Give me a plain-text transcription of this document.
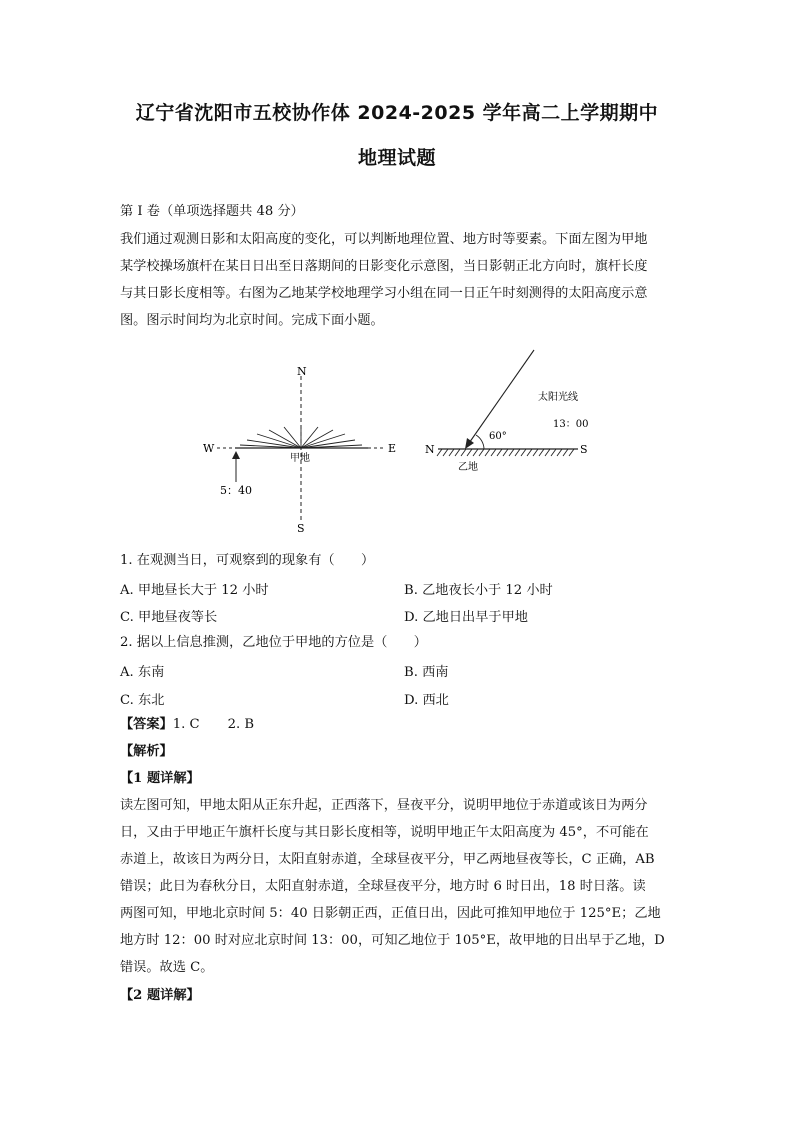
辽宁省沈阳市五校协作体 2024-2025 学年高二上学期期中
地理试题
第 I 卷（单项选择题共 48 分）
我们通过观测日影和太阳高度的变化，可以判断地理位置、地方时等要素。下面左图为甲地
某学校操场旗杆在某日日出至日落期间的日影变化示意图，当日影朝正北方向时，旗杆长度
与其日影长度相等。右图为乙地某学校地理学习小组在同一日正午时刻测得的太阳高度示意
图。图示时间均为北京时间。完成下面小题。
N
S
W	E
甲地
5：40
太阳光线
13：00
60°
N	S
乙地
1. 在观测当日，可观察到的现象有（　　）
A. 甲地昼长大于 12 小时	B. 乙地夜长小于 12 小时
C. 甲地昼夜等长	D. 乙地日出早于甲地
2. 据以上信息推测，乙地位于甲地的方位是（　　）
A. 东南	B. 西南
C. 东北	D. 西北
【答案】1. C 2. B
【解析】
【1 题详解】
读左图可知，甲地太阳从正东升起，正西落下，昼夜平分，说明甲地位于赤道或该日为两分
日，又由于甲地正午旗杆长度与其日影长度相等，说明甲地正午太阳高度为 45°，不可能在
赤道上，故该日为两分日，太阳直射赤道，全球昼夜平分，甲乙两地昼夜等长，C 正确，AB
错误；此日为春秋分日，太阳直射赤道，全球昼夜平分，地方时 6 时日出，18 时日落。读
两图可知，甲地北京时间 5：40 日影朝正西，正值日出，因此可推知甲地位于 125°E；乙地
地方时 12：00 时对应北京时间 13：00，可知乙地位于 105°E，故甲地的日出早于乙地，D
错误。故选 C。
【2 题详解】
